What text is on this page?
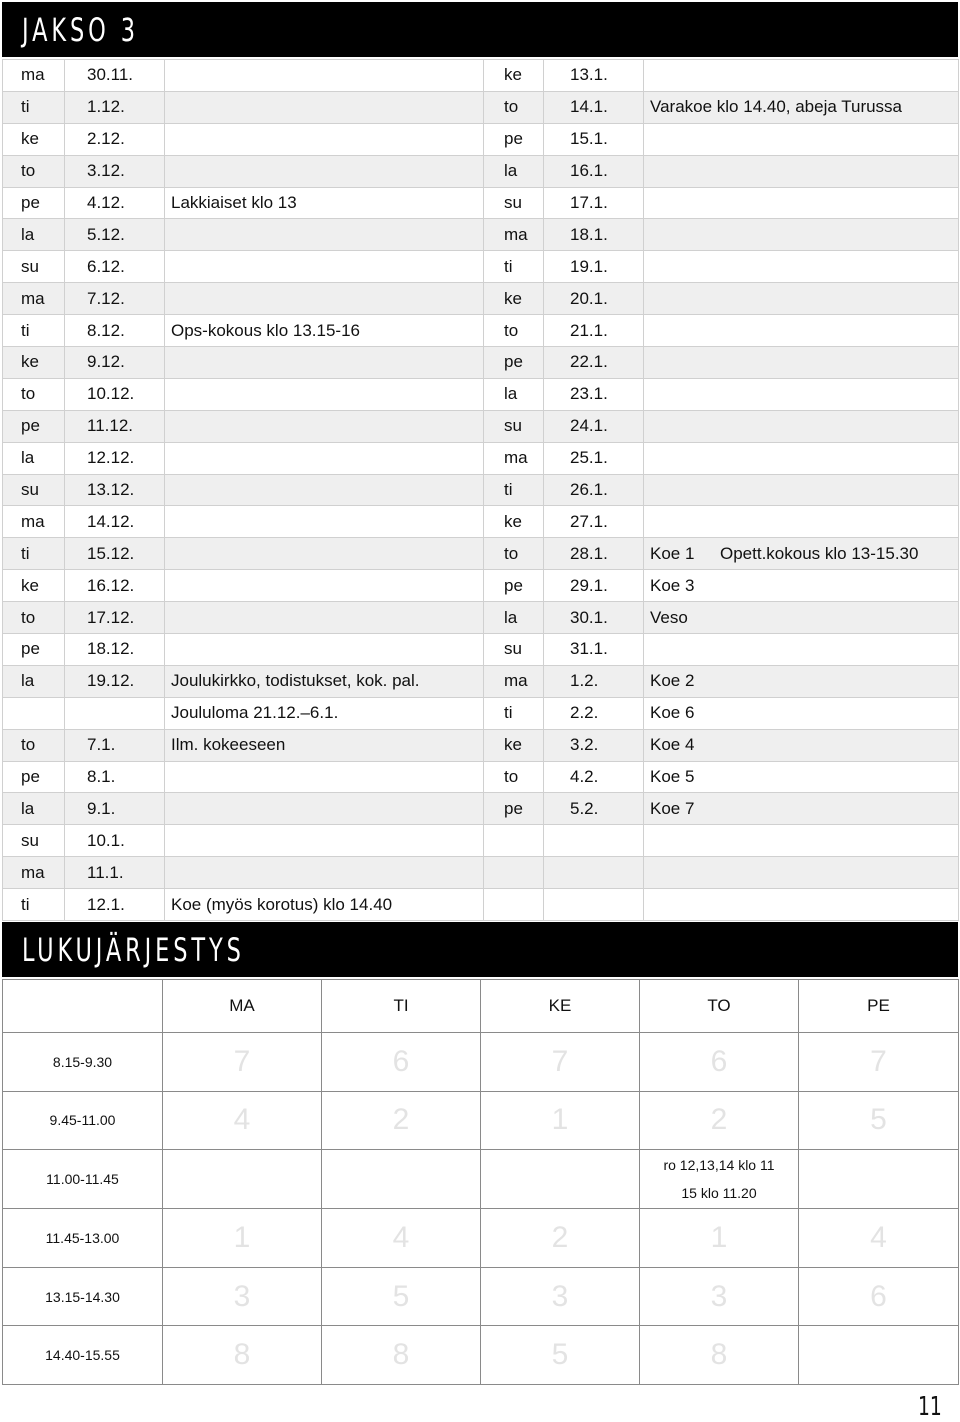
JAKSO 3
ma	30.11.		ke	13.1.	
ti	1.12.		to	14.1.	Varakoe klo 14.40, abeja Turussa
ke	2.12.		pe	15.1.	
to	3.12.		la	16.1.	
pe	4.12.	Lakkiaiset klo 13	su	17.1.	
la	5.12.		ma	18.1.	
su	6.12.		ti	19.1.	
ma	7.12.		ke	20.1.	
ti	8.12.	Ops-kokous klo 13.15-16	to	21.1.	
ke	9.12.		pe	22.1.	
to	10.12.		la	23.1.	
pe	11.12.		su	24.1.	
la	12.12.		ma	25.1.	
su	13.12.		ti	26.1.	
ma	14.12.		ke	27.1.	
ti	15.12.		to	28.1.	Koe 1 Opett.kokous klo 13-15.30

ke	16.12.		pe	29.1.	Koe 3
to	17.12.		la	30.1.	Veso
pe	18.12.		su	31.1.	
la	19.12.	Joulukirkko, todistukset, kok. pal.	ma	1.2.	Koe 2
		Joululoma 21.12.–6.1.	ti	2.2.	Koe 6
to	7.1.	Ilm. kokeeseen	ke	3.2.	Koe 4
pe	8.1.		to	4.2.	Koe 5
la	9.1.		pe	5.2.	Koe 7
su	10.1.				
ma	11.1.				
ti	12.1.	Koe (myös korotus) klo 14.40			
LUKUJÄRJESTYS
	MA	TI	KE	TO	PE
8.15-9.30	7	6	7	6	7
9.45-11.00	4	2	1	2	5
11.00-11.45				ro 12,13,14 klo 11
15 klo 11.20	

11.45-13.00	1	4	2	1	4
13.15-14.30	3	5	3	3	6
14.40-15.55	8	8	5	8	
11
